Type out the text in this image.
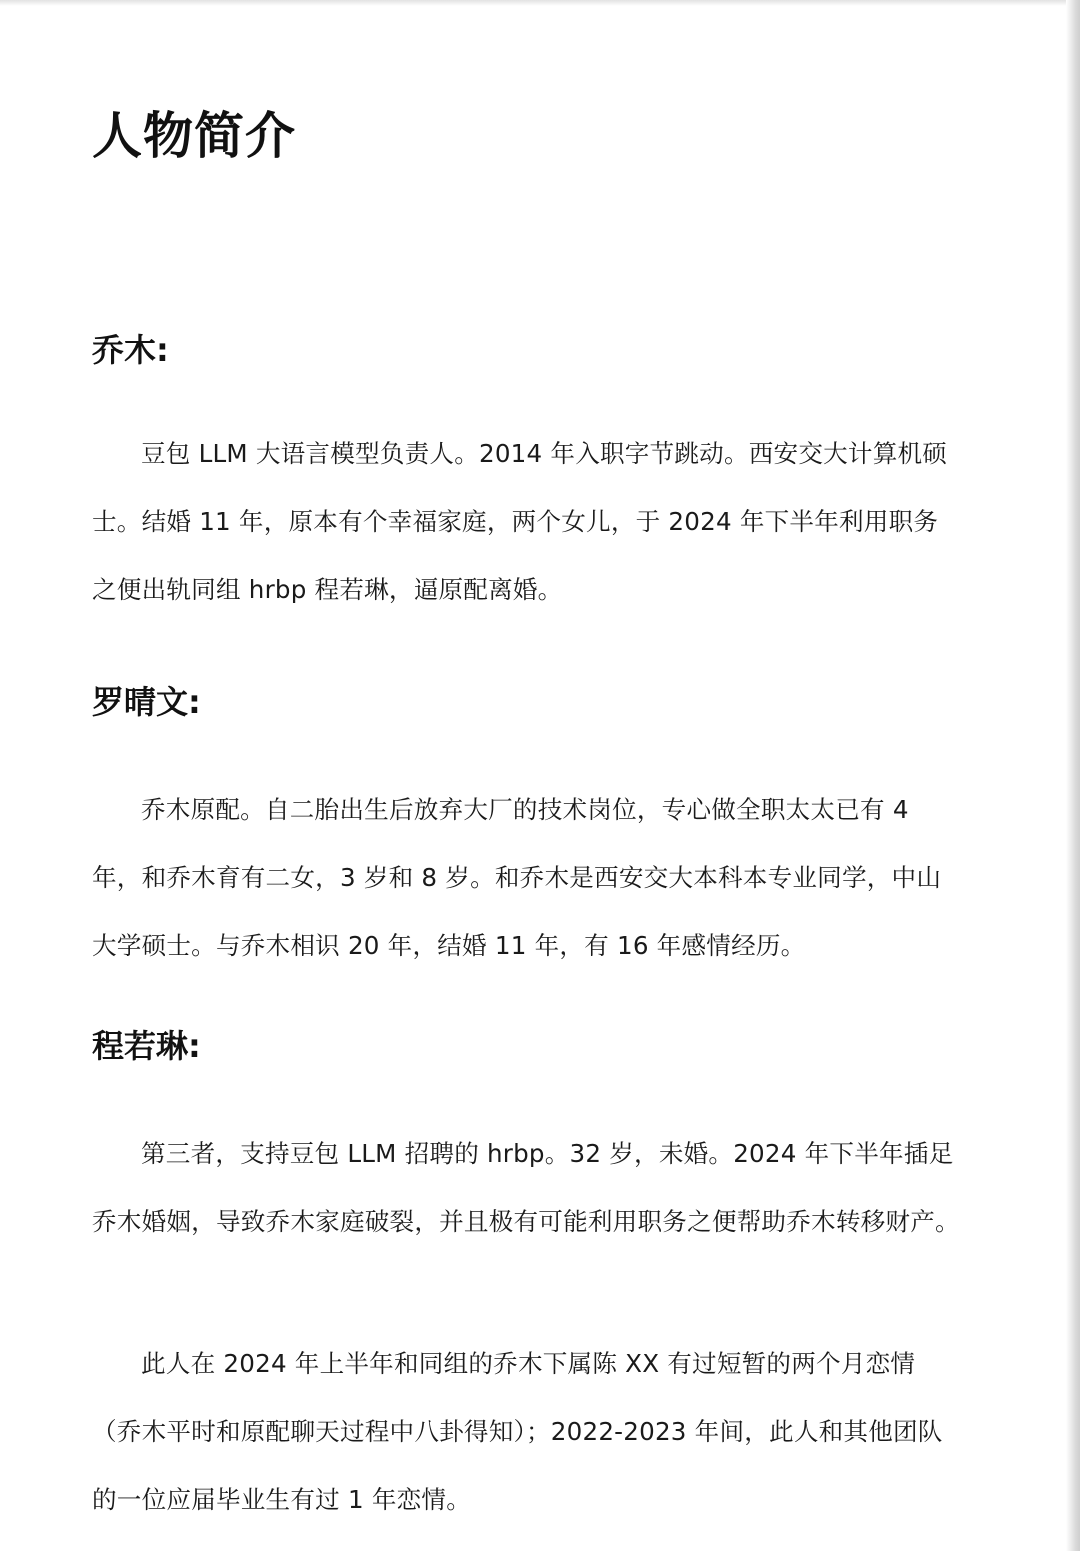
人物简介
乔木:

豆包 LLM 大语言模型负责人。2014 年入职字节跳动。西安交大计算机硕士。结婚 11 年，原本有个幸福家庭，两个女儿，于 2024 年下半年利用职务之便出轨同组 hrbp 程若琳，逼原配离婚。

罗晴文:

乔木原配。自二胎出生后放弃大厂的技术岗位，专心做全职太太已有 4 年，和乔木育有二女，3 岁和 8 岁。和乔木是西安交大本科本专业同学，中山大学硕士。与乔木相识 20 年，结婚 11 年，有 16 年感情经历。

程若琳:

第三者，支持豆包 LLM 招聘的 hrbp。32 岁，未婚。2024 年下半年插足乔木婚姻，导致乔木家庭破裂，并且极有可能利用职务之便帮助乔木转移财产。

此人在 2024 年上半年和同组的乔木下属陈 XX 有过短暂的两个月恋情（乔木平时和原配聊天过程中八卦得知）；2022-2023 年间，此人和其他团队的一位应届毕业生有过 1 年恋情。
